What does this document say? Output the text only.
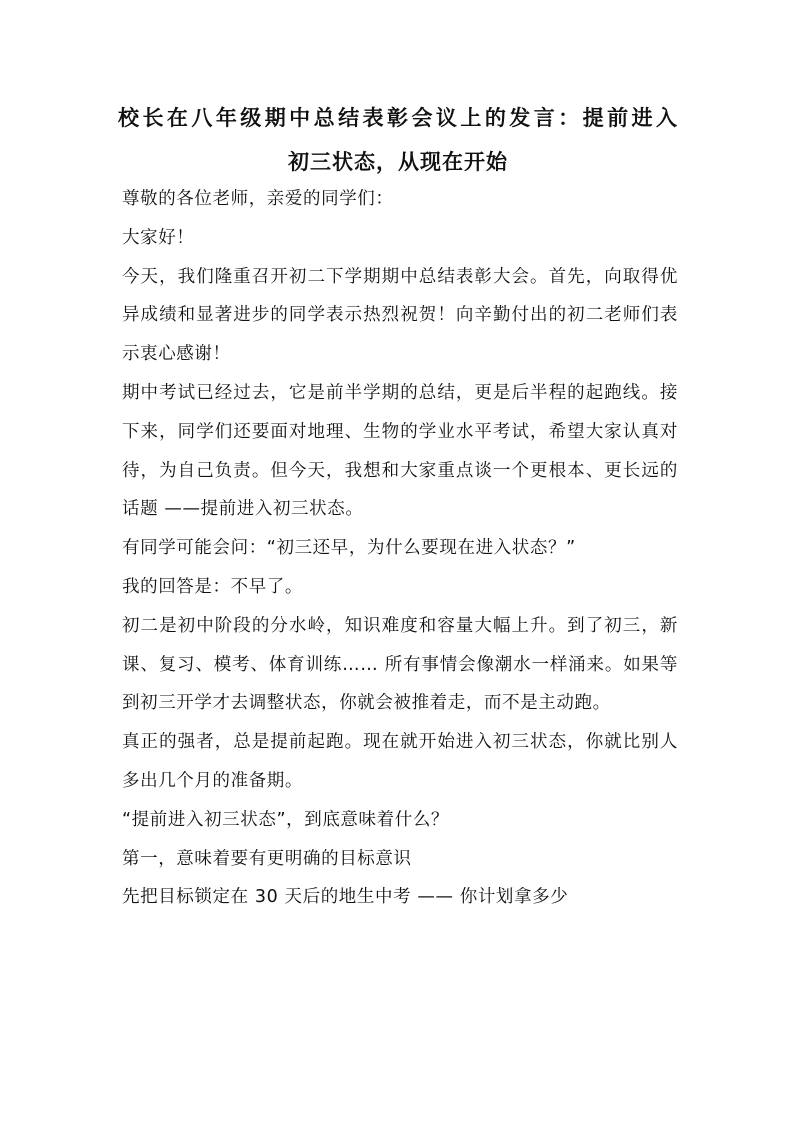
校长在八年级期中总结表彰会议上的发言：提前进入
初三状态，从现在开始

尊敬的各位老师，亲爱的同学们：

大家好！

今天，我们隆重召开初二下学期期中总结表彰大会。首先，向取得优异成绩和显著进步的同学表示热烈祝贺！向辛勤付出的初二老师们表示衷心感谢！

期中考试已经过去，它是前半学期的总结，更是后半程的起跑线。接下来，同学们还要面对地理、生物的学业水平考试，希望大家认真对待，为自己负责。但今天，我想和大家重点谈一个更根本、更长远的话题 ——提前进入初三状态。

有同学可能会问：“初三还早，为什么要现在进入状态？”

我的回答是：不早了。

初二是初中阶段的分水岭，知识难度和容量大幅上升。到了初三，新课、复习、模考、体育训练…… 所有事情会像潮水一样涌来。如果等到初三开学才去调整状态，你就会被推着走，而不是主动跑。

真正的强者，总是提前起跑。现在就开始进入初三状态，你就比别人多出几个月的准备期。

“提前进入初三状态”，到底意味着什么？

第一，意味着要有更明确的目标意识

先把目标锁定在 30 天后的地生中考 —— 你计划拿多少
